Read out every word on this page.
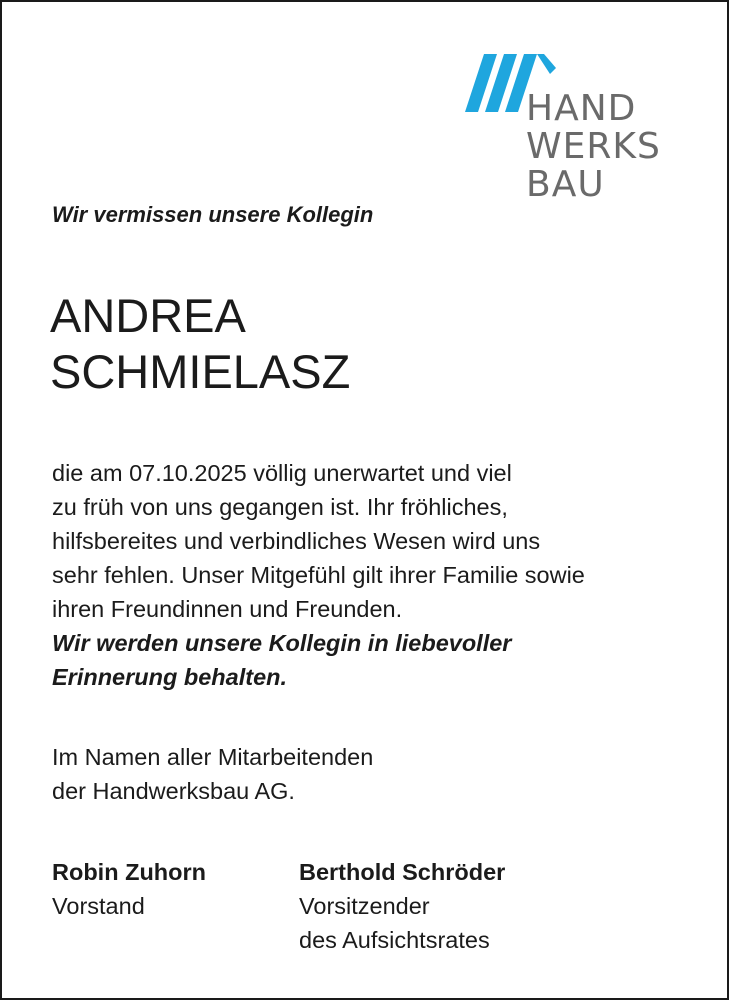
HAND
WERKS
BAU
Wir vermissen unsere Kollegin
ANDREA
SCHMIELASZ
die am 07.10.2025 völlig unerwartet und viel
zu früh von uns gegangen ist. Ihr fröhliches,
hilfsbereites und verbindliches Wesen wird uns
sehr fehlen. Unser Mitgefühl gilt ihrer Familie sowie
ihren Freundinnen und Freunden.
Wir werden unsere Kollegin in liebevoller
Erinnerung behalten.
Im Namen aller Mitarbeitenden
der Handwerksbau AG.
Robin Zuhorn
Vorstand
Berthold Schröder
Vorsitzender
des Aufsichtsrates
